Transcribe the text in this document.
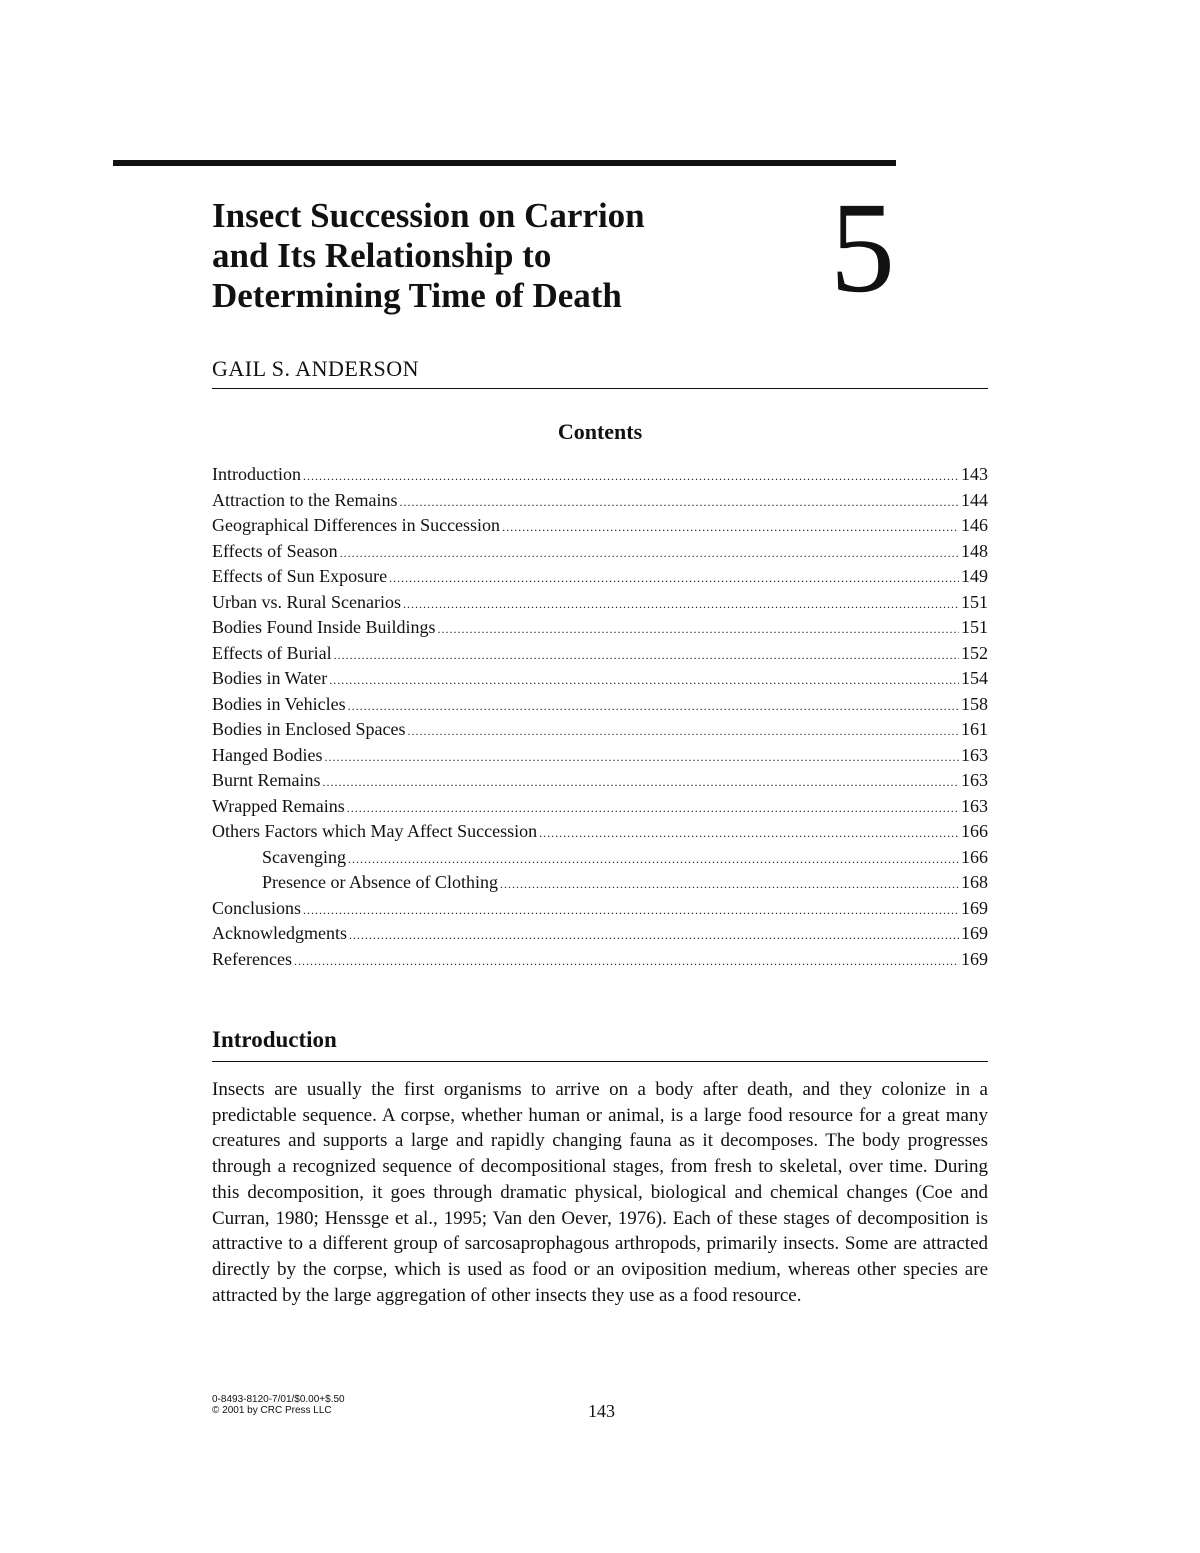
Insect Succession on Carrion
and Its Relationship to
Determining Time of Death	5
GAIL S. ANDERSON
Contents
Introduction .....	143
Attraction to the Remains .....	144
Geographical Differences in Succession .....	146
Effects of Season .....	148
Effects of Sun Exposure .....	149
Urban vs. Rural Scenarios .....	151
Bodies Found Inside Buildings .....	151
Effects of Burial .....	152
Bodies in Water .....	154
Bodies in Vehicles .....	158
Bodies in Enclosed Spaces .....	161
Hanged Bodies .....	163
Burnt Remains .....	163
Wrapped Remains .....	163
Others Factors which May Affect Succession .....	166
Scavenging .....	166
Presence or Absence of Clothing .....	168
Conclusions .....	169
Acknowledgments .....	169
References .....	169
Introduction

Insects are usually the first organisms to arrive on a body after death, and they colonize in a predictable sequence. A corpse, whether human or animal, is a large food resource for a great many creatures and supports a large and rapidly changing fauna as it decomposes. The body progresses through a recognized sequence of decompositional stages, from fresh to skeletal, over time. During this decomposition, it goes through dramatic physical, biological and chemical changes (Coe and Curran, 1980; Henssge et al., 1995; Van den Oever, 1976). Each of these stages of decomposition is attractive to a different group of sarcosaprophagous arthropods, primarily insects. Some are attracted directly by the corpse, which is used as food or an oviposition medium, whereas other species are attracted by the large aggregation of other insects they use as a food resource.

0-8493-8120-7/01/$0.00+$.50
© 2001 by CRC Press LLC	143
